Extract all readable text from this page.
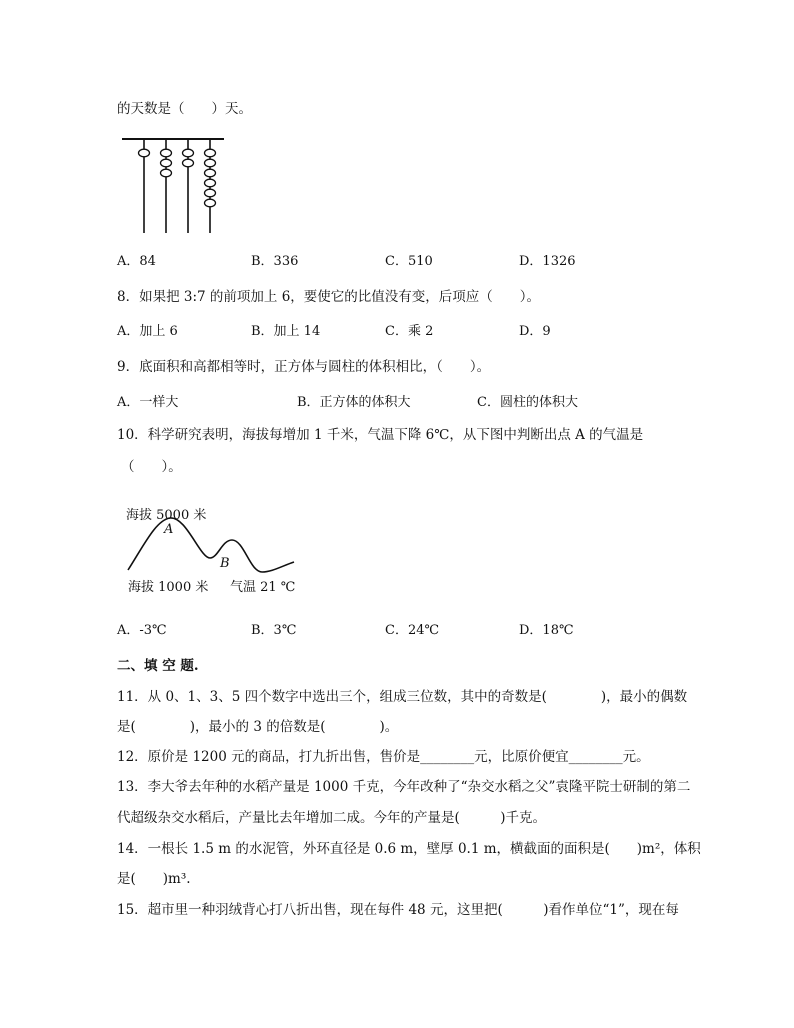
的天数是（　　）天。
A．84	B．336	C．510	D．1326
8．如果把 3:7 的前项加上 6，要使它的比值没有变，后项应（　　）。
A．加上 6	B．加上 14	C．乘 2	D．9
9．底面积和高都相等时，正方体与圆柱的体积相比，（　　）。
A．一样大	B．正方体的体积大	C．圆柱的体积大
10．科学研究表明，海拔每增加 1 千米，气温下降 6℃，从下图中判断出点 A 的气温是
（　　）。
海拔 5000 米
A
B
海拔 1000 米 气温 21 ℃
A．-3℃	B．3℃	C．24℃	D．18℃
二、填 空 题.
11．从 0、1、3、5 四个数字中选出三个，组成三位数，其中的奇数是(　　　　)，最小的偶数
是(　　　　)，最小的 3 的倍数是(　　　　)。
12．原价是 1200 元的商品，打九折出售，售价是________元，比原价便宜________元。
13．李大爷去年种的水稻产量是 1000 千克，今年改种了“杂交水稻之父”袁隆平院士研制的第二
代超级杂交水稻后，产量比去年增加二成。今年的产量是(　　　)千克。
14．一根长 1.5 m 的水泥管，外环直径是 0.6 m，壁厚 0.1 m，横截面的面积是(　　)m²，体积
是(　　)m³.
15．超市里一种羽绒背心打八折出售，现在每件 48 元，这里把(　　　)看作单位“1”，现在每
